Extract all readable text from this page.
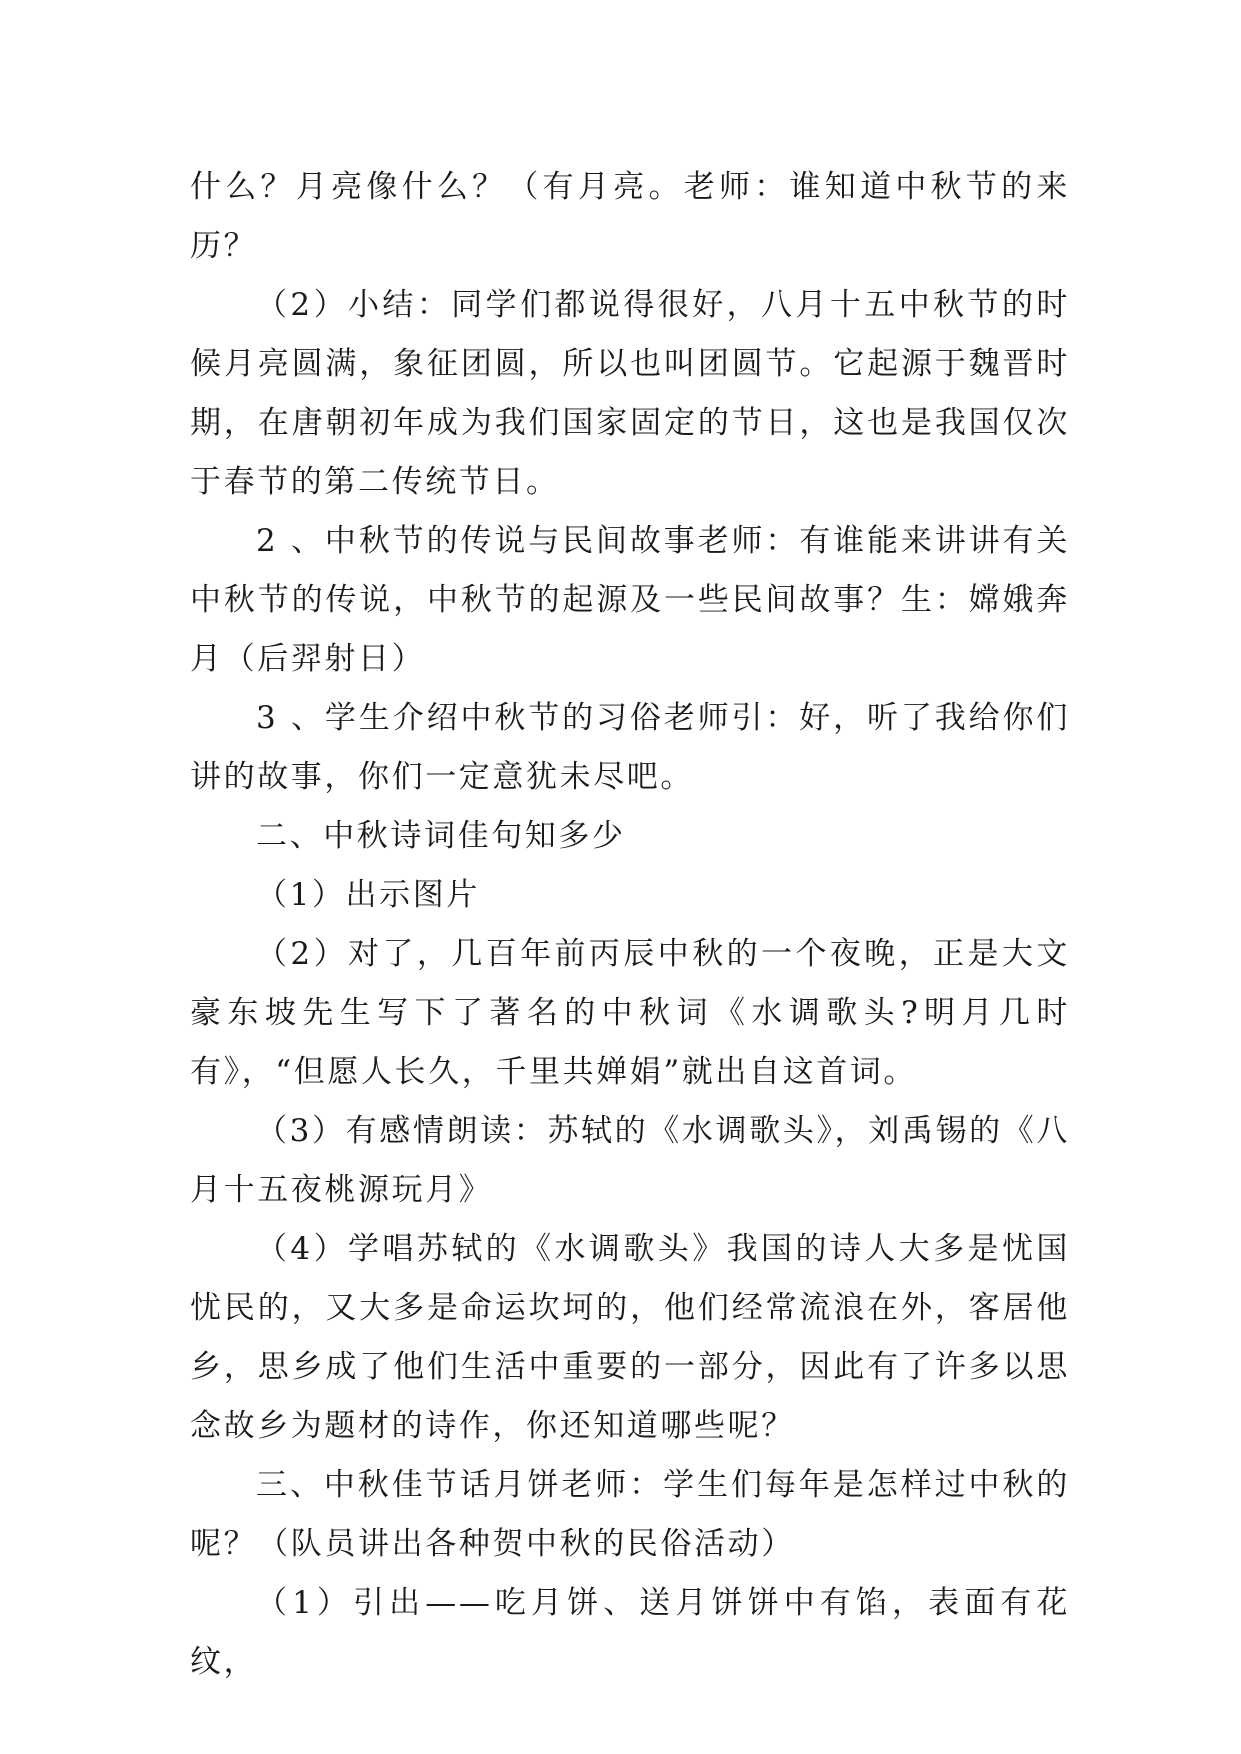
什么？月亮像什么？（有月亮。老师：谁知道中秋节的来历？

（2）小结：同学们都说得很好，八月十五中秋节的时候月亮圆满，象征团圆，所以也叫团圆节。它起源于魏晋时期，在唐朝初年成为我们国家固定的节日，这也是我国仅次于春节的第二传统节日。

2 、中秋节的传说与民间故事老师：有谁能来讲讲有关中秋节的传说，中秋节的起源及一些民间故事？生：嫦娥奔月（后羿射日）

3 、学生介绍中秋节的习俗老师引：好，听了我给你们讲的故事，你们一定意犹未尽吧。

二、中秋诗词佳句知多少

（1）出示图片

（2）对了，几百年前丙辰中秋的一个夜晚，正是大文豪东坡先生写下了著名的中秋词《水调歌头?明月几时有》，“但愿人长久，千里共婵娟”就出自这首词。

（3）有感情朗读：苏轼的《水调歌头》，刘禹锡的《八月十五夜桃源玩月》

（4）学唱苏轼的《水调歌头》我国的诗人大多是忧国忧民的，又大多是命运坎坷的，他们经常流浪在外，客居他乡，思乡成了他们生活中重要的一部分，因此有了许多以思念故乡为题材的诗作，你还知道哪些呢？

三、中秋佳节话月饼老师：学生们每年是怎样过中秋的呢？（队员讲出各种贺中秋的民俗活动）

（1）引出——吃月饼、送月饼饼中有馅，表面有花纹，
